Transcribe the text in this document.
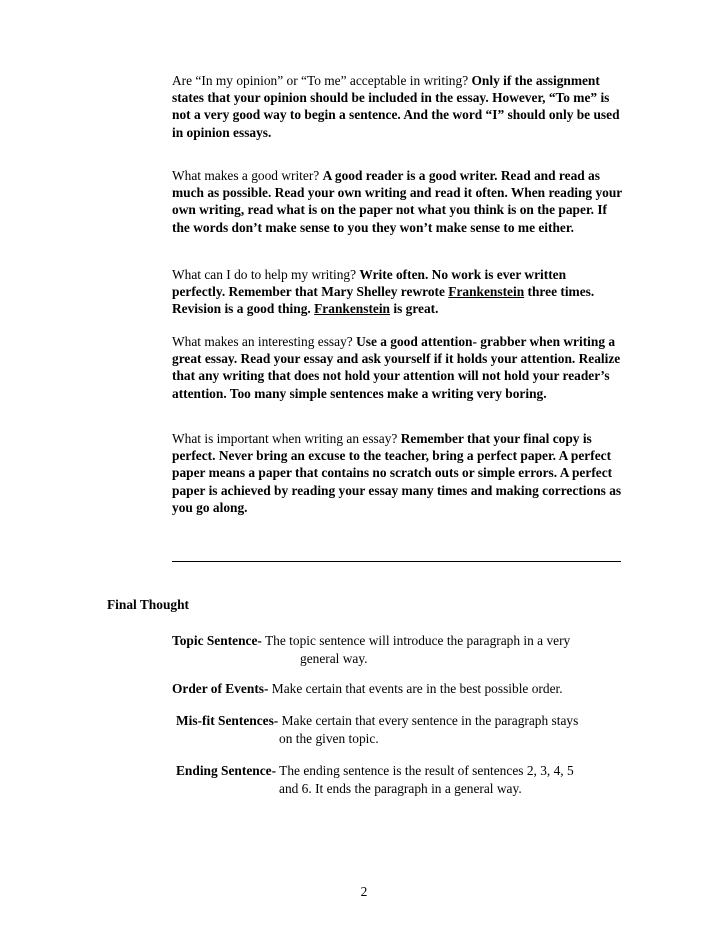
Are “In my opinion” or “To me” acceptable in writing? Only if the assignment states that your opinion should be included in the essay. However, “To me” is not a very good way to begin a sentence. And the word “I” should only be used in opinion essays.

What makes a good writer? A good reader is a good writer. Read and read as much as possible. Read your own writing and read it often. When reading your own writing, read what is on the paper not what you think is on the paper. If the words don’t make sense to you they won’t make sense to me either.

What can I do to help my writing? Write often. No work is ever written perfectly. Remember that Mary Shelley rewrote Frankenstein three times. Revision is a good thing. Frankenstein is great.

What makes an interesting essay? Use a good attention- grabber when writing a great essay. Read your essay and ask yourself if it holds your attention. Realize that any writing that does not hold your attention will not hold your reader’s attention. Too many simple sentences make a writing very boring.

What is important when writing an essay? Remember that your final copy is perfect. Never bring an excuse to the teacher, bring a perfect paper. A perfect paper means a paper that contains no scratch outs or simple errors. A perfect paper is achieved by reading your essay many times and making corrections as you go along.

Final Thought

Topic Sentence- The topic sentence will introduce the paragraph in a very
general way.
Order of Events- Make certain that events are in the best possible order.
Mis-fit Sentences- Make certain that every sentence in the paragraph stays
on the given topic.
Ending Sentence- The ending sentence is the result of sentences 2, 3, 4, 5
and 6. It ends the paragraph in a general way.
2
